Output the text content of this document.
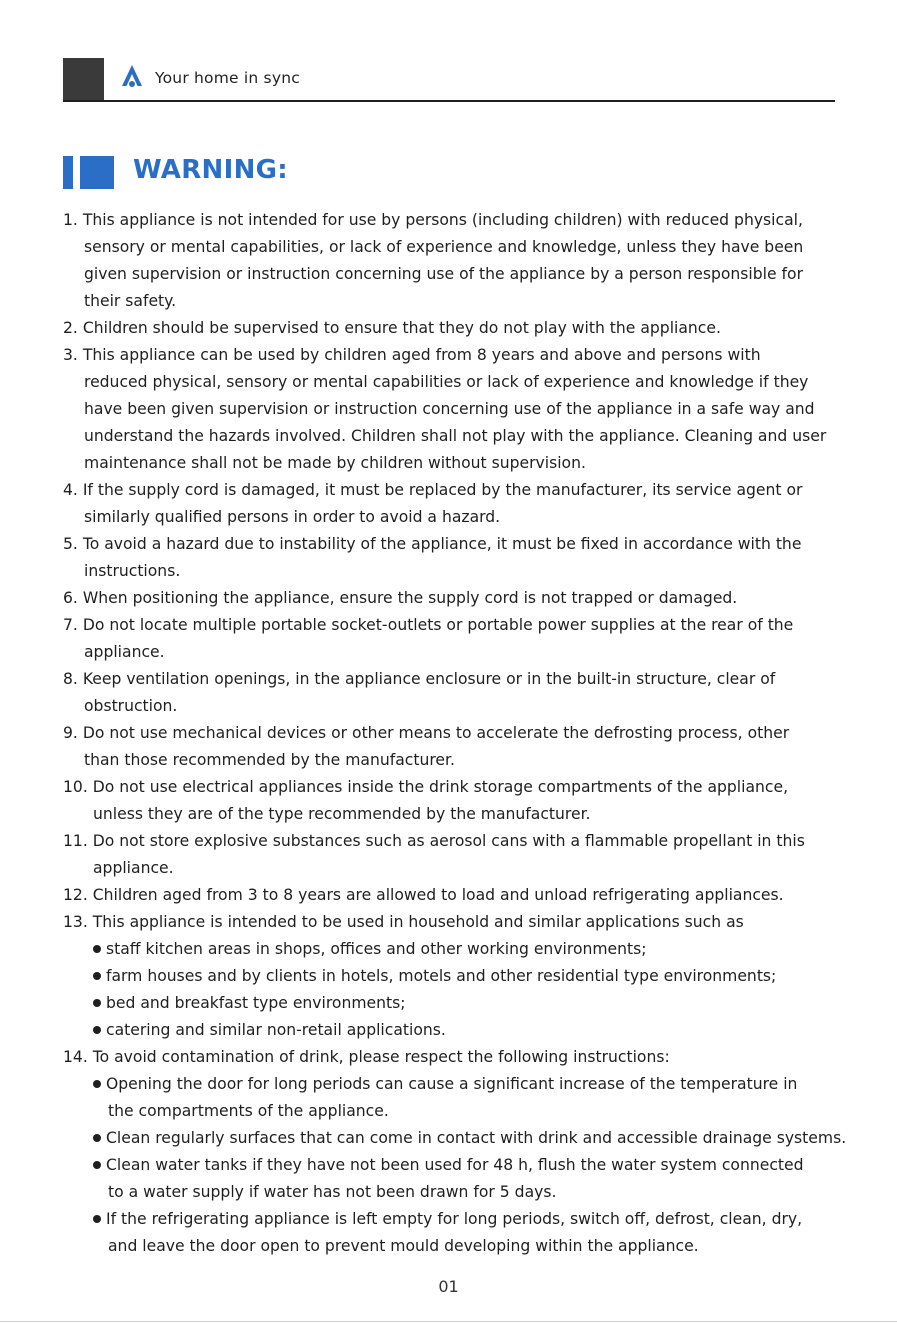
Your home in sync
WARNING:
1. This appliance is not intended for use by persons (including children) with reduced physical,
sensory or mental capabilities, or lack of experience and knowledge, unless they have been
given supervision or instruction concerning use of the appliance by a person responsible for
their safety.
2. Children should be supervised to ensure that they do not play with the appliance.
3. This appliance can be used by children aged from 8 years and above and persons with
reduced physical, sensory or mental capabilities or lack of experience and knowledge if they
have been given supervision or instruction concerning use of the appliance in a safe way and
understand the hazards involved. Children shall not play with the appliance. Cleaning and user
maintenance shall not be made by children without supervision.
4. If the supply cord is damaged, it must be replaced by the manufacturer, its service agent or
similarly qualified persons in order to avoid a hazard.
5. To avoid a hazard due to instability of the appliance, it must be fixed in accordance with the
instructions.
6. When positioning the appliance, ensure the supply cord is not trapped or damaged.
7. Do not locate multiple portable socket-outlets or portable power supplies at the rear of the
appliance.
8. Keep ventilation openings, in the appliance enclosure or in the built-in structure, clear of
obstruction.
9. Do not use mechanical devices or other means to accelerate the defrosting process, other
than those recommended by the manufacturer.
10. Do not use electrical appliances inside the drink storage compartments of the appliance,
unless they are of the type recommended by the manufacturer.
11. Do not store explosive substances such as aerosol cans with a flammable propellant in this
appliance.
12. Children aged from 3 to 8 years are allowed to load and unload refrigerating appliances.
13. This appliance is intended to be used in household and similar applications such as
staff kitchen areas in shops, offices and other working environments;
farm houses and by clients in hotels, motels and other residential type environments;
bed and breakfast type environments;
catering and similar non-retail applications.
14. To avoid contamination of drink, please respect the following instructions:
Opening the door for long periods can cause a significant increase of the temperature in
the compartments of the appliance.
Clean regularly surfaces that can come in contact with drink and accessible drainage systems.
Clean water tanks if they have not been used for 48 h, flush the water system connected
to a water supply if water has not been drawn for 5 days.
If the refrigerating appliance is left empty for long periods, switch off, defrost, clean, dry,
and leave the door open to prevent mould developing within the appliance.
01
